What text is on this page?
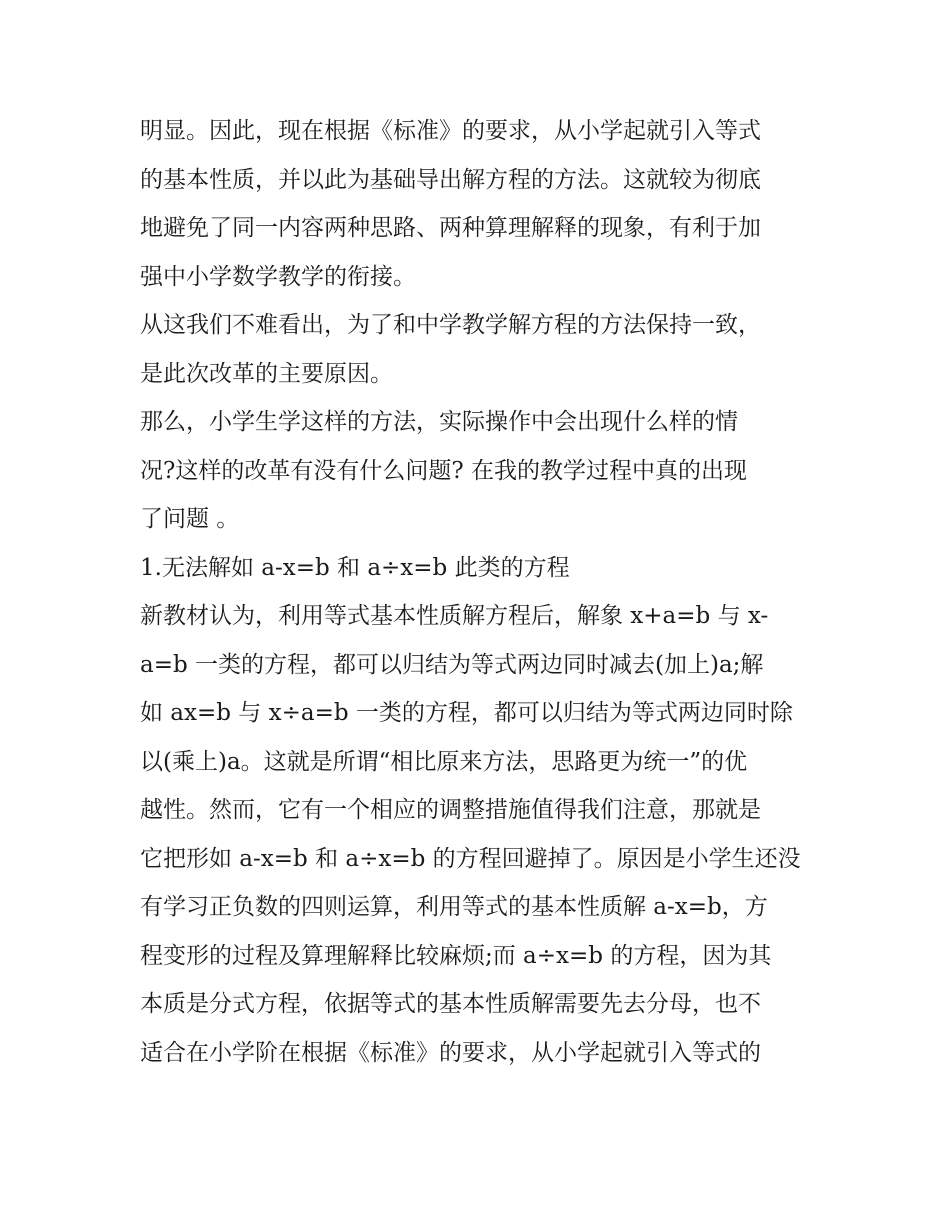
明显。因此，现在根据《标准》的要求，从小学起就引入等式
的基本性质，并以此为基础导出解方程的方法。这就较为彻底
地避免了同一内容两种思路、两种算理解释的现象，有利于加
强中小学数学教学的衔接。
从这我们不难看出，为了和中学教学解方程的方法保持一致，
是此次改革的主要原因。
那么，小学生学这样的方法，实际操作中会出现什么样的情
况?这样的改革有没有什么问题? 在我的教学过程中真的出现
了问题 。
1.无法解如 a-x=b 和 a÷x=b 此类的方程
新教材认为，利用等式基本性质解方程后，解象 x+a=b 与 x-
a=b 一类的方程，都可以归结为等式两边同时减去(加上)a;解
如 ax=b 与 x÷a=b 一类的方程，都可以归结为等式两边同时除
以(乘上)a。这就是所谓“相比原来方法，思路更为统一”的优
越性。然而，它有一个相应的调整措施值得我们注意，那就是
它把形如 a-x=b 和 a÷x=b 的方程回避掉了。原因是小学生还没
有学习正负数的四则运算，利用等式的基本性质解 a-x=b，方
程变形的过程及算理解释比较麻烦;而 a÷x=b 的方程，因为其
本质是分式方程，依据等式的基本性质解需要先去分母，也不
适合在小学阶在根据《标准》的要求，从小学起就引入等式的
